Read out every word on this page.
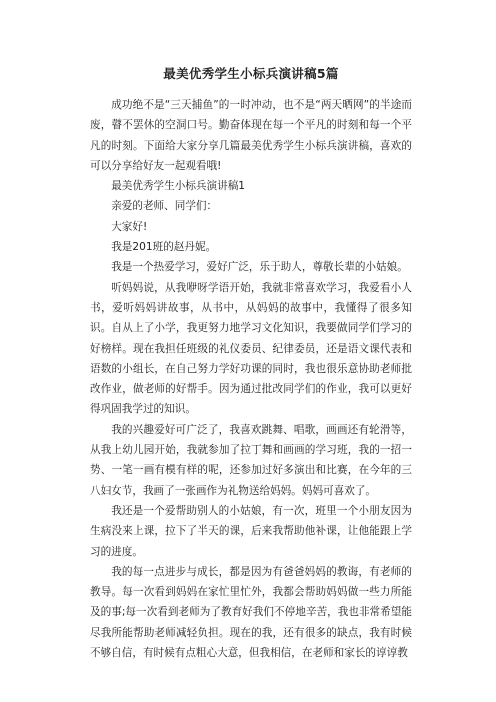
最美优秀学生小标兵演讲稿5篇

成功绝不是“三天捕鱼”的一时冲动，也不是“两天晒网”的半途而废，瞽不罢休的空洞口号。勤奋体现在每一个平凡的时刻和每一个平凡的时刻。下面给大家分享几篇最美优秀学生小标兵演讲稿，喜欢的可以分享给好友一起观看哦!

最美优秀学生小标兵演讲稿1

亲爱的老师、同学们：

大家好!

我是201班的赵丹妮。

我是一个热爱学习，爱好广泛，乐于助人，尊敬长辈的小姑娘。

听妈妈说，从我咿呀学语开始，我就非常喜欢学习，我爱看小人书，爱听妈妈讲故事，从书中，从妈妈的故事中，我懂得了很多知识。自从上了小学，我更努力地学习文化知识，我要做同学们学习的好榜样。现在我担任班级的礼仪委员、纪律委员，还是语文课代表和语数的小组长，在自己努力学好功课的同时，我也很乐意协助老师批改作业，做老师的好帮手。因为通过批改同学们的作业，我可以更好得巩固我学过的知识。

我的兴趣爱好可广泛了，我喜欢跳舞、唱歌，画画还有轮滑等，从我上幼儿园开始，我就参加了拉丁舞和画画的学习班，我的一招一势、一笔一画有模有样的呢，还参加过好多演出和比赛，在今年的三八妇女节，我画了一张画作为礼物送给妈妈。妈妈可喜欢了。

我还是一个爱帮助别人的小姑娘，有一次，班里一个小朋友因为生病没来上课，拉下了半天的课，后来我帮助他补课，让他能跟上学习的进度。

我的每一点进步与成长，都是因为有爸爸妈妈的教诲，有老师的教导。每一次看到妈妈在家忙里忙外，我都会帮助妈妈做一些力所能及的事;每一次看到老师为了教育好我们不停地辛苦，我也非常希望能尽我所能帮助老师减轻负担。现在的我，还有很多的缺点，我有时候不够自信，有时候有点粗心大意，但我相信，在老师和家长的谆谆教
